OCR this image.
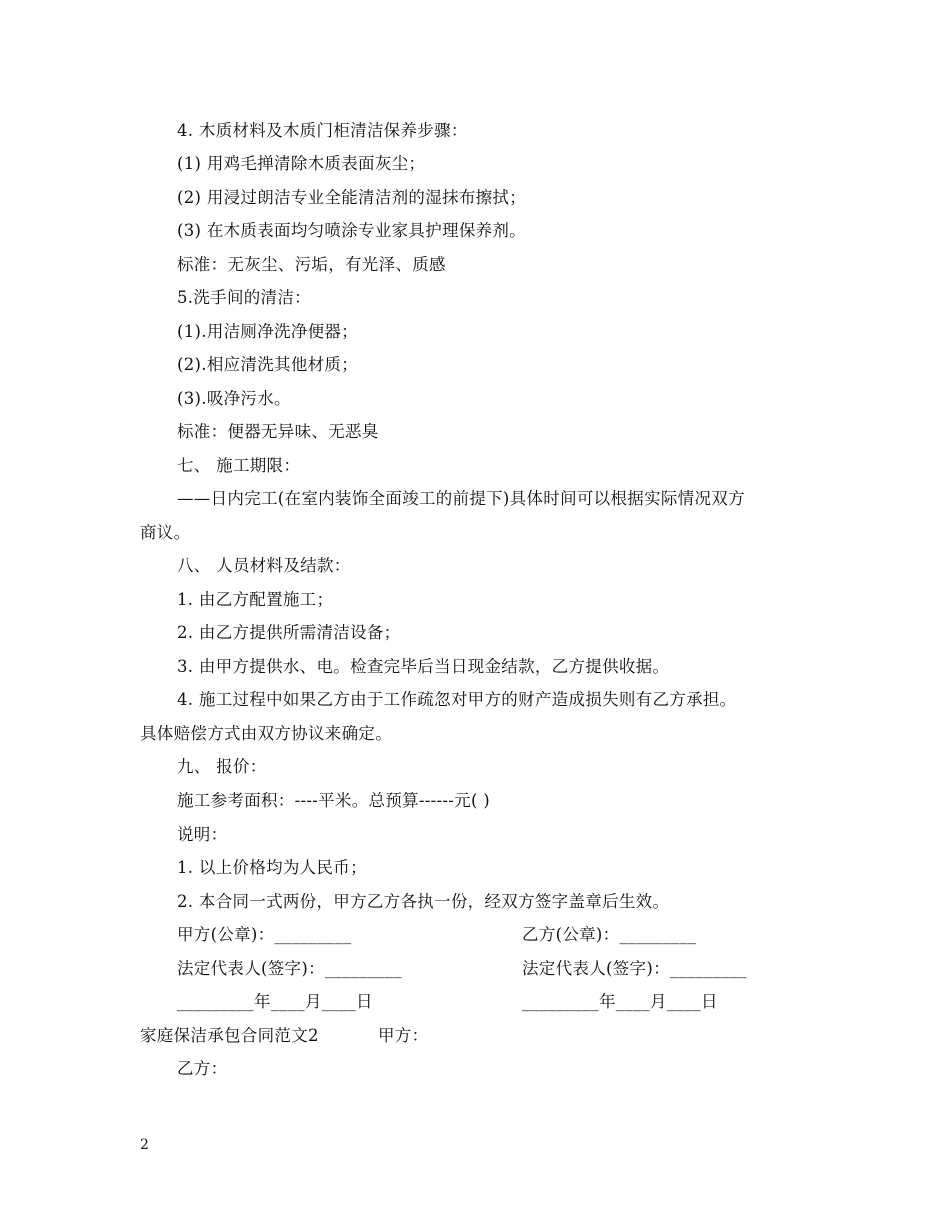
4. 木质材料及木质门柜清洁保养步骤：
(1) 用鸡毛掸清除木质表面灰尘；
(2) 用浸过朗洁专业全能清洁剂的湿抹布擦拭；
(3) 在木质表面均匀喷涂专业家具护理保养剂。
标准：无灰尘、污垢，有光泽、质感
5.洗手间的清洁：
(1).用洁厕净洗净便器；
(2).相应清洗其他材质；
(3).吸净污水。
标准：便器无异味、无恶臭
七、 施工期限：
——日内完工(在室内装饰全面竣工的前提下)具体时间可以根据实际情况双方
商议。
八、 人员材料及结款：
1. 由乙方配置施工；
2. 由乙方提供所需清洁设备；
3. 由甲方提供水、电。检查完毕后当日现金结款，乙方提供收据。
4. 施工过程中如果乙方由于工作疏忽对甲方的财产造成损失则有乙方承担。
具体赔偿方式由双方协议来确定。
九、 报价：
施工参考面积：----平米。总预算------元( )
说明：
1. 以上价格均为人民币；
2. 本合同一式两份，甲方乙方各执一份，经双方签字盖章后生效。
甲方(公章)：_________	乙方(公章)：_________
法定代表人(签字)：_________	法定代表人(签字)：_________
_________年____月____日	_________年____月____日
家庭保洁承包合同范文2	甲方：
乙方：
2
